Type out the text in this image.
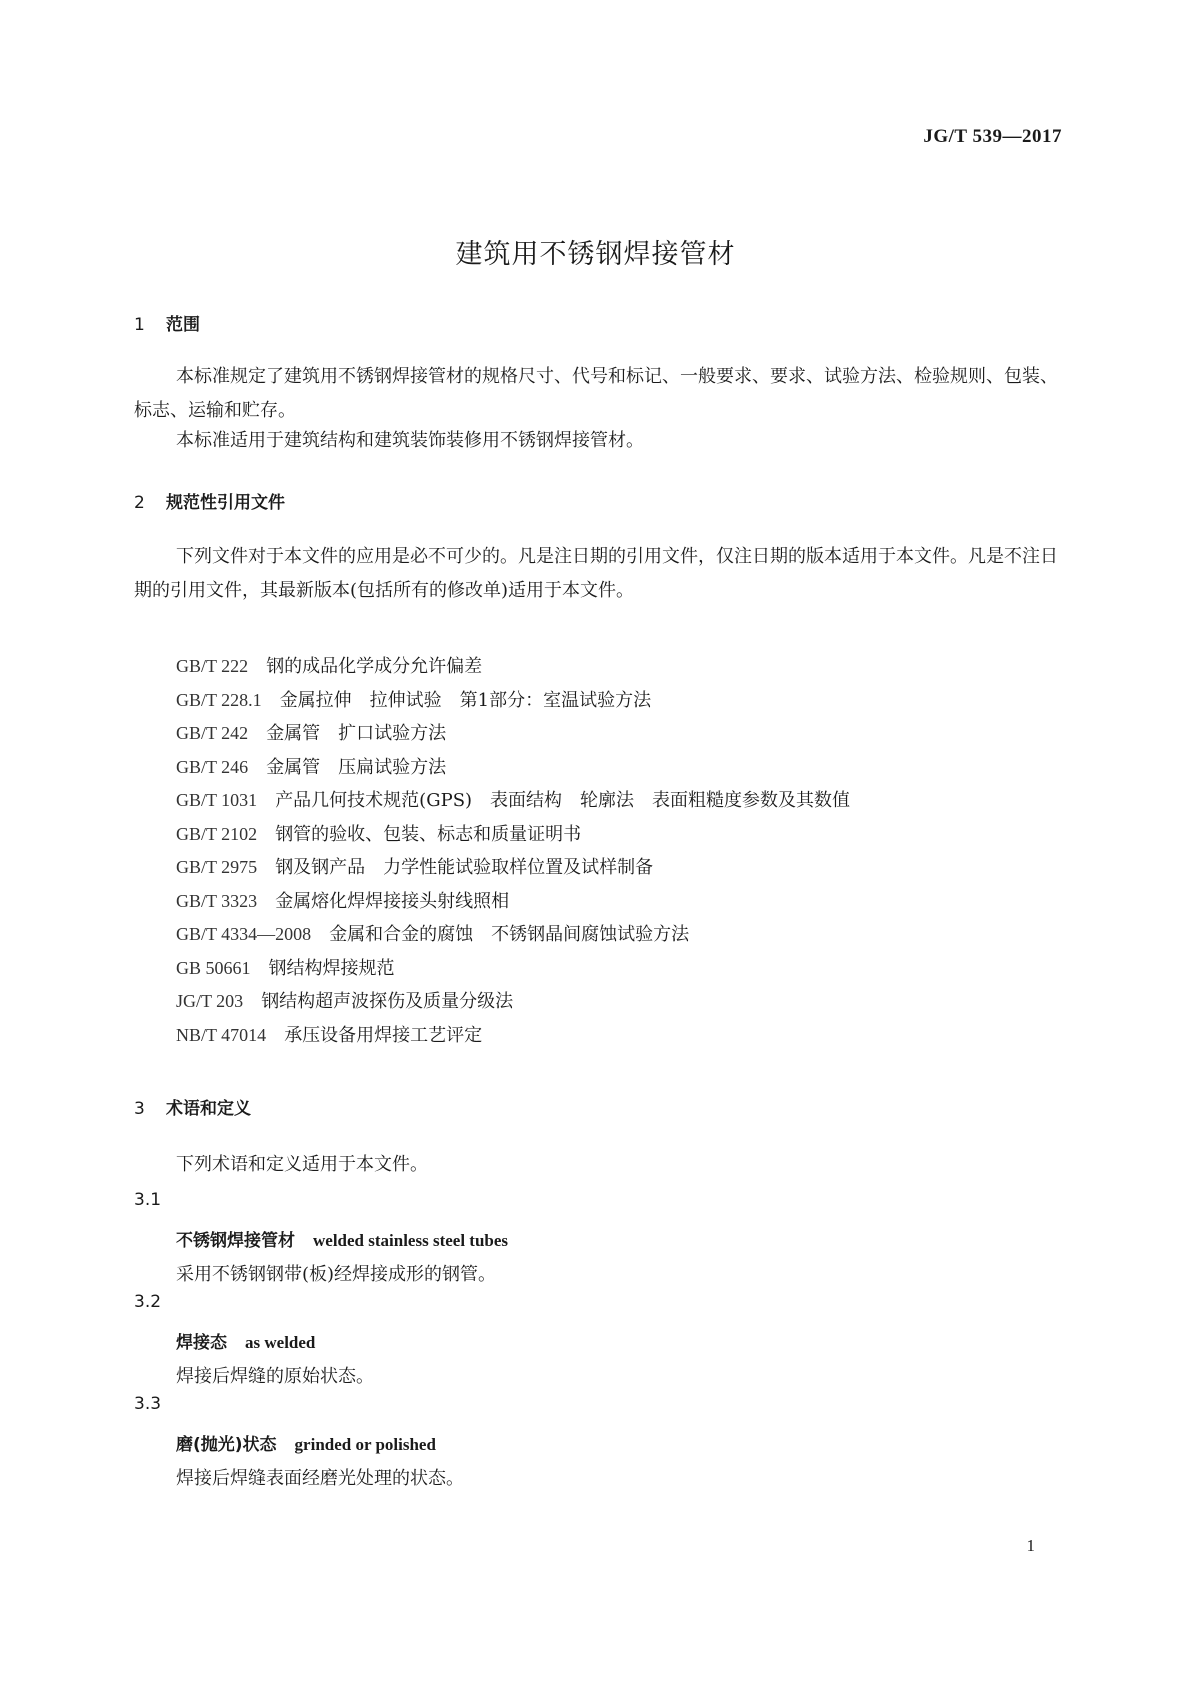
JG/T 539—2017
建筑用不锈钢焊接管材
1 范围
本标准规定了建筑用不锈钢焊接管材的规格尺寸、代号和标记、一般要求、要求、试验方法、检验规则、包装、标志、运输和贮存。
本标准适用于建筑结构和建筑装饰装修用不锈钢焊接管材。
2 规范性引用文件
下列文件对于本文件的应用是必不可少的。凡是注日期的引用文件，仅注日期的版本适用于本文件。凡是不注日期的引用文件，其最新版本(包括所有的修改单)适用于本文件。
GB/T 222 钢的成品化学成分允许偏差
GB/T 228.1 金属拉伸　拉伸试验　第1部分：室温试验方法
GB/T 242 金属管　扩口试验方法
GB/T 246 金属管　压扁试验方法
GB/T 1031 产品几何技术规范(GPS)　表面结构　轮廓法　表面粗糙度参数及其数值
GB/T 2102 钢管的验收、包装、标志和质量证明书
GB/T 2975 钢及钢产品　力学性能试验取样位置及试样制备
GB/T 3323 金属熔化焊焊接接头射线照相
GB/T 4334—2008 金属和合金的腐蚀　不锈钢晶间腐蚀试验方法
GB 50661 钢结构焊接规范
JG/T 203 钢结构超声波探伤及质量分级法
NB/T 47014 承压设备用焊接工艺评定
3 术语和定义
下列术语和定义适用于本文件。
3.1
不锈钢焊接管材 welded stainless steel tubes
采用不锈钢钢带(板)经焊接成形的钢管。
3.2
焊接态 as welded
焊接后焊缝的原始状态。
3.3
磨(抛光)状态 grinded or polished
焊接后焊缝表面经磨光处理的状态。
1
